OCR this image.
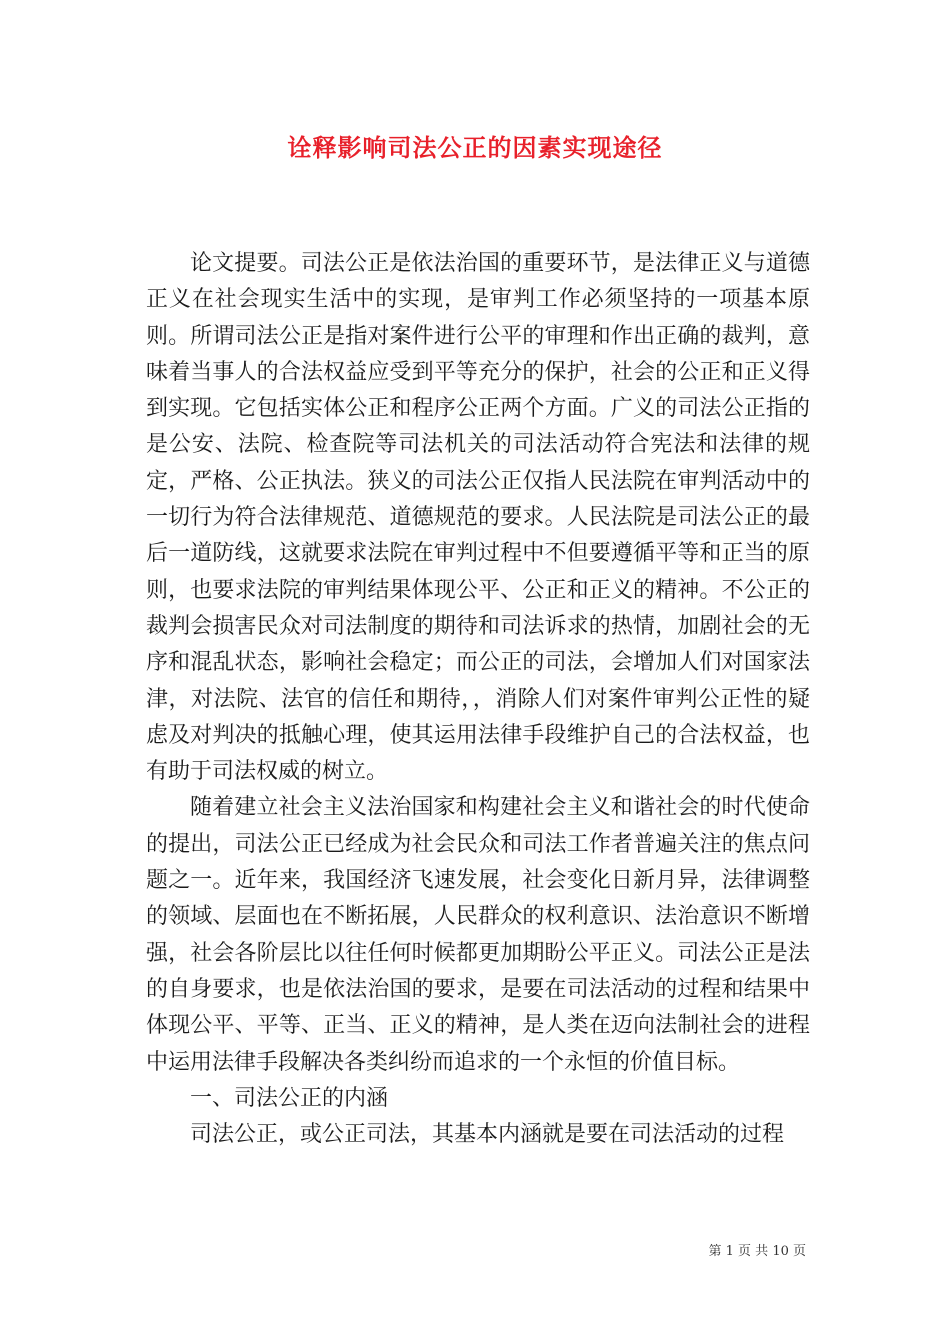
诠释影响司法公正的因素实现途径

论文提要。司法公正是依法治国的重要环节，是法律正义与道德正义在社会现实生活中的实现，是审判工作必须坚持的一项基本原则。所谓司法公正是指对案件进行公平的审理和作出正确的裁判，意味着当事人的合法权益应受到平等充分的保护，社会的公正和正义得到实现。它包括实体公正和程序公正两个方面。广义的司法公正指的是公安、法院、检查院等司法机关的司法活动符合宪法和法律的规定，严格、公正执法。狭义的司法公正仅指人民法院在审判活动中的一切行为符合法律规范、道德规范的要求。人民法院是司法公正的最后一道防线，这就要求法院在审判过程中不但要遵循平等和正当的原则，也要求法院的审判结果体现公平、公正和正义的精神。不公正的裁判会损害民众对司法制度的期待和司法诉求的热情，加剧社会的无序和混乱状态，影响社会稳定；而公正的司法，会增加人们对国家法津，对法院、法官的信任和期待，，消除人们对案件审判公正性的疑虑及对判决的抵触心理，使其运用法律手段维护自己的合法权益，也有助于司法权威的树立。

随着建立社会主义法治国家和构建社会主义和谐社会的时代使命的提出，司法公正已经成为社会民众和司法工作者普遍关注的焦点问题之一。近年来，我国经济飞速发展，社会变化日新月异，法律调整的领域、层面也在不断拓展，人民群众的权利意识、法治意识不断增强，社会各阶层比以往任何时候都更加期盼公平正义。司法公正是法的自身要求，也是依法治国的要求，是要在司法活动的过程和结果中体现公平、平等、正当、正义的精神，是人类在迈向法制社会的进程中运用法律手段解决各类纠纷而追求的一个永恒的价值目标。

一、司法公正的内涵

司法公正，或公正司法，其基本内涵就是要在司法活动的过程

第 1 页 共 10 页
